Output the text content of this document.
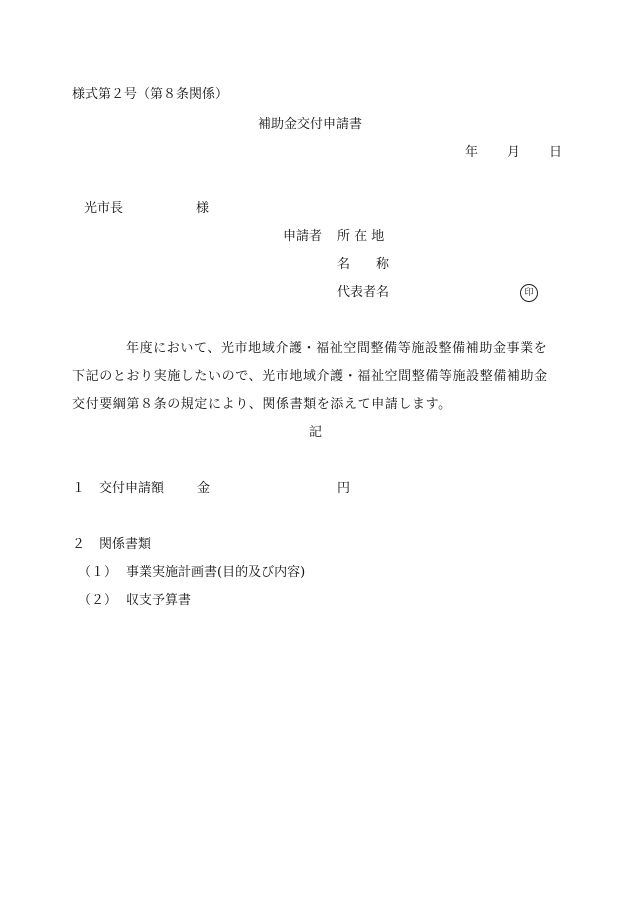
様式第２号（第８条関係）
補助金交付申請書
年 月 日
光市長	様
申請者 所 在 地
名　　称
代表者名	印
年度において、光市地域介護・福祉空間整備等施設整備補助金事業を
下記のとおり実施したいので、光市地域介護・福祉空間整備等施設整備補助金
交付要綱第８条の規定により、関係書類を添えて申請します。
記
１ 交付申請額	金	円
２ 関係書類
（１） 事業実施計画書(目的及び内容)
（２） 収支予算書
